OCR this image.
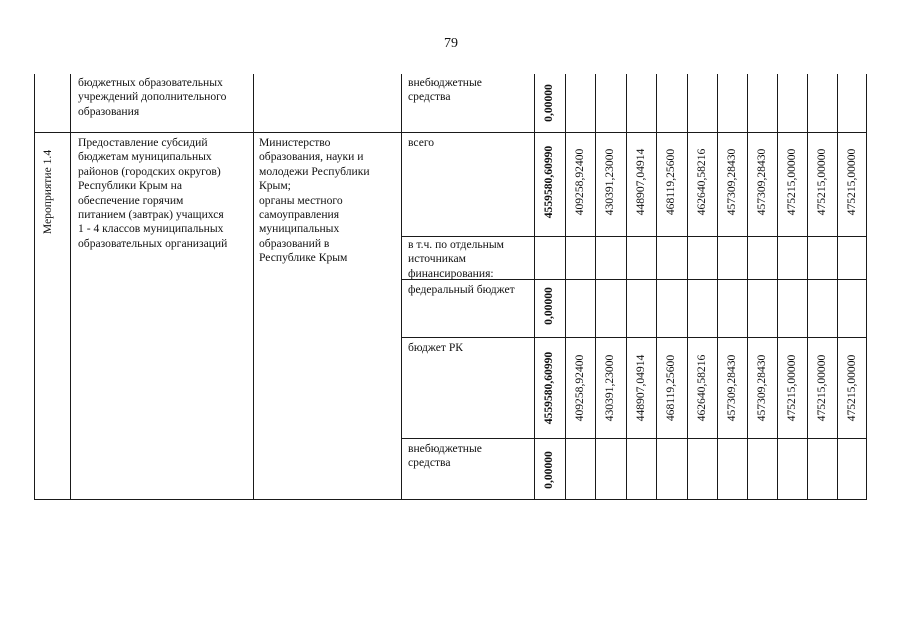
79

бюджетных образовательных
учреждений дополнительного
образования

внебюджетные
средства	0,00000
Мероприятие 1.4

Предоставление субсидий
бюджетам муниципальных
районов (городских округов)
Республики Крым на
обеспечение горячим
питанием (завтрак) учащихся
1 - 4 классов муниципальных
образовательных организаций

Министерство
образования, науки и
молодежи Республики
Крым;
органы местного
самоуправления
муниципальных
образований в
Республике Крым

всего

4559580,60990 409258,92400 430391,23000 448907,04914 468119,25600 462640,58216 457309,28430 457309,28430 475215,00000 475215,00000 475215,00000

в т.ч. по отдельным
источникам
финансирования:

федеральный бюджет 0,00000

бюджет РК

4559580,60990 409258,92400 430391,23000 448907,04914 468119,25600 462640,58216 457309,28430 457309,28430 475215,00000 475215,00000 475215,00000

внебюджетные
средства	0,00000
